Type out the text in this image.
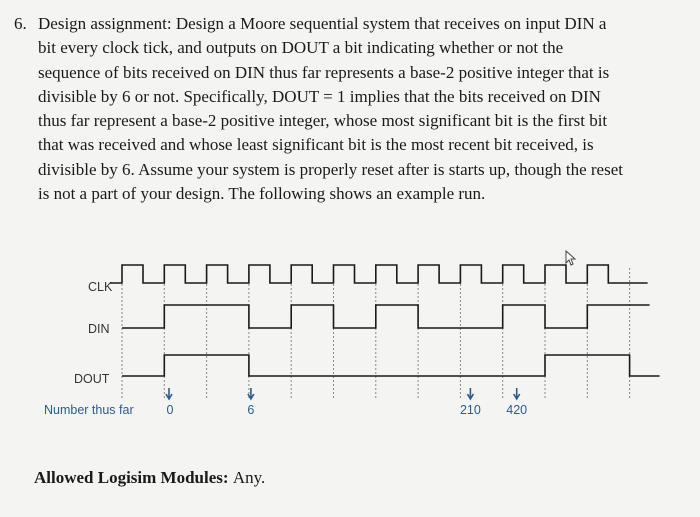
6. Design assignment: Design a Moore sequential system that receives on input DIN a
bit every clock tick, and outputs on DOUT a bit indicating whether or not the
sequence of bits received on DIN thus far represents a base-2 positive integer that is
divisible by 6 or not. Specifically, DOUT = 1 implies that the bits received on DIN
thus far represent a base-2 positive integer, whose most significant bit is the first bit
that was received and whose least significant bit is the most recent bit received, is
divisible by 6. Assume your system is properly reset after is starts up, though the reset
is not a part of your design. The following shows an example run.
CLK
DIN
DOUT
Number thus far	0	6	210 420
Allowed Logisim Modules: Any.
